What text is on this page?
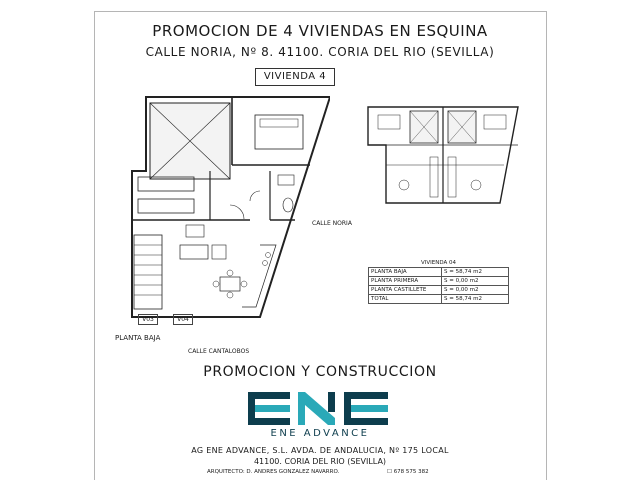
PROMOCION DE 4 VIVIENDAS EN ESQUINA
CALLE NORIA, Nº 8. 41100. CORIA DEL RIO (SEVILLA)
VIVIENDA 4
CALLE NORIA
V03	V04
PLANTA BAJA
CALLE CANTALOBOS
VIVIENDA 04	
PLANTA BAJA	S = 58,74 m2
PLANTA PRIMERA	S = 0,00 m2
PLANTA CASTILLETE	S = 0,00 m2
TOTAL	S = 58,74 m2
PROMOCION Y CONSTRUCCION
ENE ADVANCE
AG ENE ADVANCE, S.L. AVDA. DE ANDALUCIA, Nº 175 LOCAL
41100. CORIA DEL RIO (SEVILLA)
ARQUITECTO: D. ANDRES GONZALEZ NAVARRO.	☐ 678 575 382
